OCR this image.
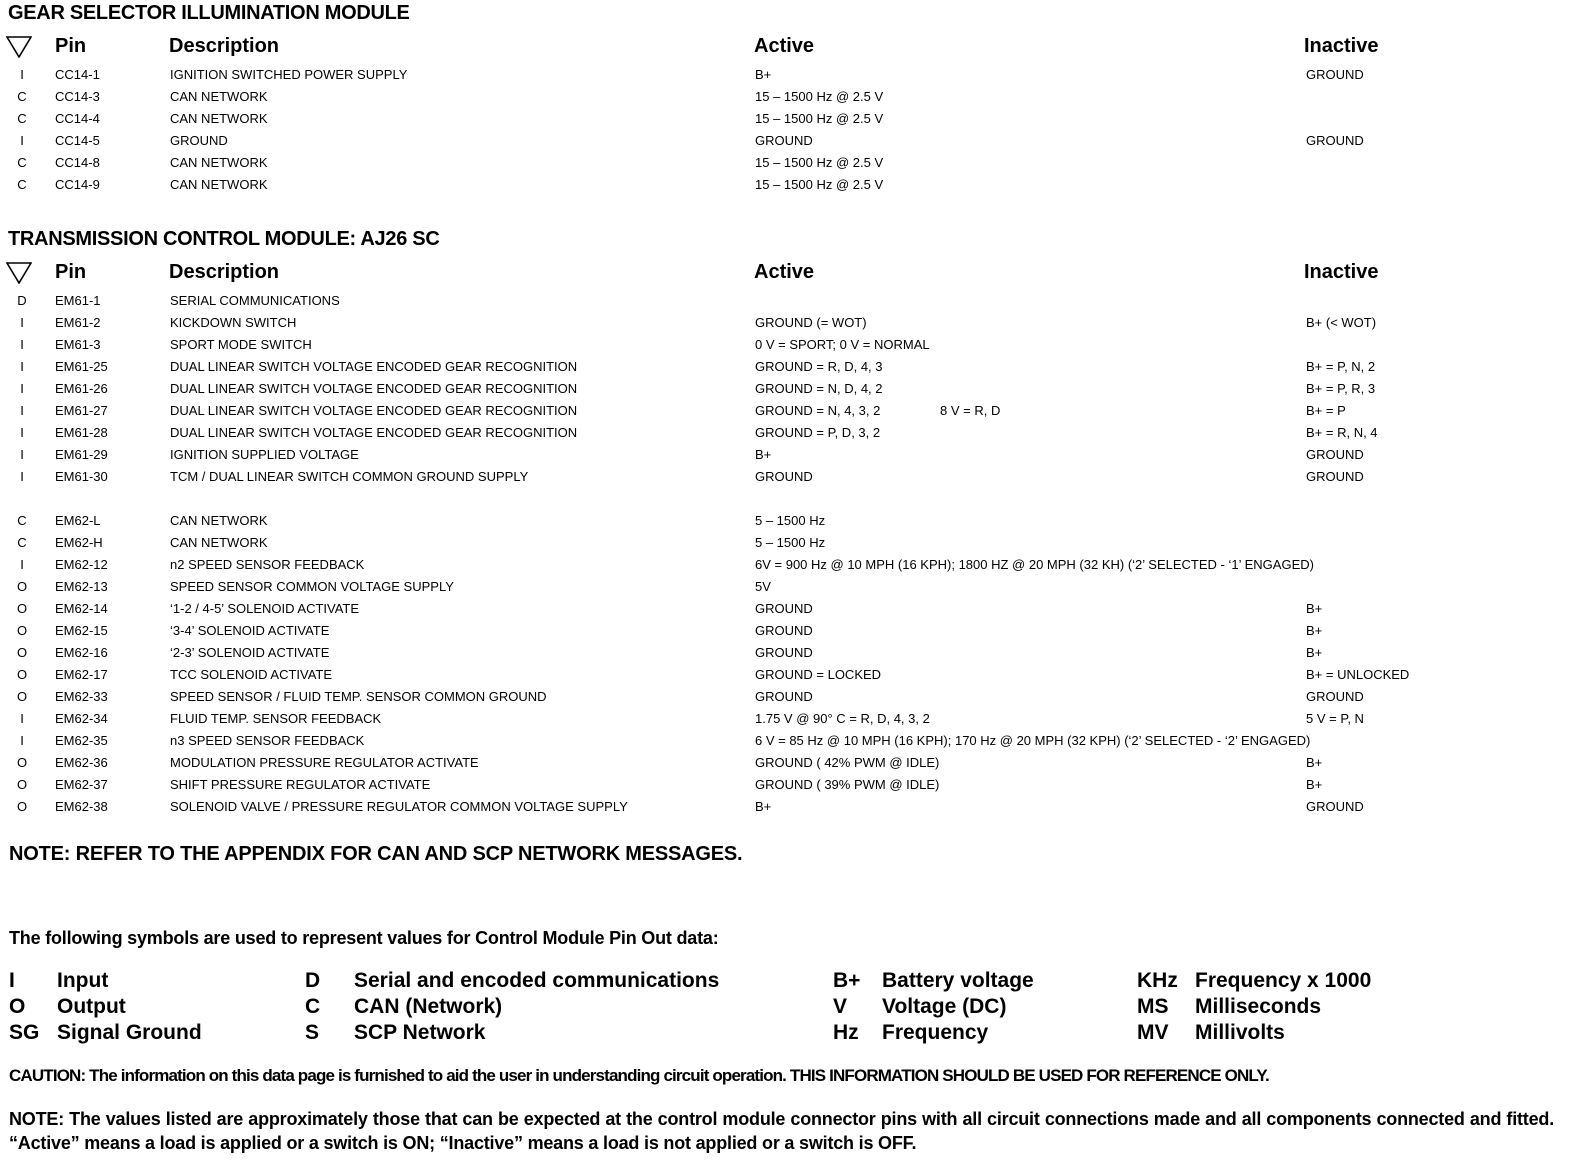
GEAR SELECTOR ILLUMINATION MODULE
Pin	Description	Active	Inactive
I	CC14-1	IGNITION SWITCHED POWER SUPPLY	B+	GROUND
C CC14-3	CAN NETWORK	15 – 1500 Hz @ 2.5 V
C CC14-4	CAN NETWORK	15 – 1500 Hz @ 2.5 V
I	CC14-5	GROUND	GROUND	GROUND
C CC14-8	CAN NETWORK	15 – 1500 Hz @ 2.5 V
C CC14-9	CAN NETWORK	15 – 1500 Hz @ 2.5 V
TRANSMISSION CONTROL MODULE: AJ26 SC
Pin	Description	Active	Inactive
D EM61-1	SERIAL COMMUNICATIONS
I	EM61-2	KICKDOWN SWITCH	GROUND (= WOT)	B+ (< WOT)
I	EM61-3	SPORT MODE SWITCH	0 V = SPORT; 0 V = NORMAL
I	EM61-25	DUAL LINEAR SWITCH VOLTAGE ENCODED GEAR RECOGNITION	GROUND = R, D, 4, 3	B+ = P, N, 2
I	EM61-26	DUAL LINEAR SWITCH VOLTAGE ENCODED GEAR RECOGNITION	GROUND = N, D, 4, 2	B+ = P, R, 3
I	EM61-27	DUAL LINEAR SWITCH VOLTAGE ENCODED GEAR RECOGNITION	GROUND = N, 4, 3, 2	8 V = R, D	B+ = P
I	EM61-28	DUAL LINEAR SWITCH VOLTAGE ENCODED GEAR RECOGNITION	GROUND = P, D, 3, 2	B+ = R, N, 4
I	EM61-29	IGNITION SUPPLIED VOLTAGE	B+	GROUND
I	EM61-30	TCM / DUAL LINEAR SWITCH COMMON GROUND SUPPLY	GROUND	GROUND
C EM62-L	CAN NETWORK	5 – 1500 Hz
C EM62-H	CAN NETWORK	5 – 1500 Hz
I	EM62-12	n2 SPEED SENSOR FEEDBACK	6V = 900 Hz @ 10 MPH (16 KPH); 1800 HZ @ 20 MPH (32 KH) (‘2’ SELECTED - ‘1’ ENGAGED)
O EM62-13	SPEED SENSOR COMMON VOLTAGE SUPPLY	5V
O EM62-14	‘1-2 / 4-5’ SOLENOID ACTIVATE	GROUND	B+
O EM62-15	‘3-4’ SOLENOID ACTIVATE	GROUND	B+
O EM62-16	‘2-3’ SOLENOID ACTIVATE	GROUND	B+
O EM62-17	TCC SOLENOID ACTIVATE	GROUND = LOCKED	B+ = UNLOCKED
O EM62-33	SPEED SENSOR / FLUID TEMP. SENSOR COMMON GROUND	GROUND	GROUND
I	EM62-34	FLUID TEMP. SENSOR FEEDBACK	1.75 V @ 90° C = R, D, 4, 3, 2	5 V = P, N
I	EM62-35	n3 SPEED SENSOR FEEDBACK	6 V = 85 Hz @ 10 MPH (16 KPH); 170 Hz @ 20 MPH (32 KPH) (‘2’ SELECTED - ‘2’ ENGAGED)
O EM62-36	MODULATION PRESSURE REGULATOR ACTIVATE	GROUND ( 42% PWM @ IDLE)	B+
O EM62-37	SHIFT PRESSURE REGULATOR ACTIVATE	GROUND ( 39% PWM @ IDLE)	B+
O EM62-38	SOLENOID VALVE / PRESSURE REGULATOR COMMON VOLTAGE SUPPLY	B+	GROUND
NOTE: REFER TO THE APPENDIX FOR CAN AND SCP NETWORK MESSAGES.
The following symbols are used to represent values for Control Module Pin Out data:
I Input
O Output
SG Signal Ground
D Serial and encoded communications
C CAN (Network)
S SCP Network
B+ Battery voltage
V Voltage (DC)
Hz Frequency
KHz Frequency x 1000
MS Milliseconds
MV Millivolts
CAUTION: The information on this data page is furnished to aid the user in understanding circuit operation. THIS INFORMATION SHOULD BE USED FOR REFERENCE ONLY.
NOTE: The values listed are approximately those that can be expected at the control module connector pins with all circuit connections made and all components connected and fitted. “Active” means a load is applied or a switch is ON; “Inactive” means a load is not applied or a switch is OFF.
